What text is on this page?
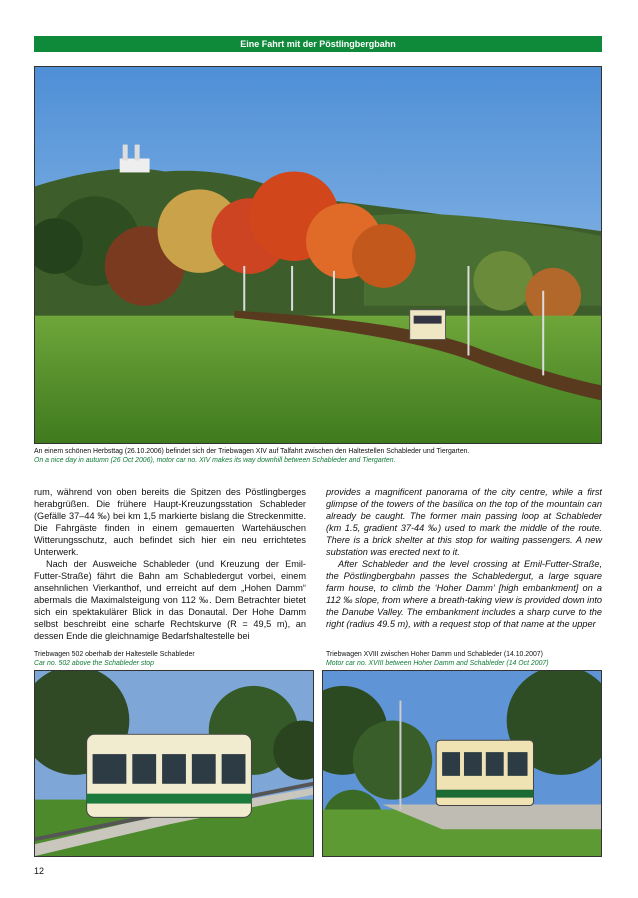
Eine Fahrt mit der Pöstlingbergbahn
An einem schönen Herbsttag (26.10.2006) befindet sich der Triebwagen XIV auf Talfahrt zwischen den Haltestellen Schableder und Tiergarten.
On a nice day in autumn (26 Oct 2006), motor car no. XIV makes its way downhill between Schableder and Tiergarten.

rum, während von oben bereits die Spitzen des Pöstlingberges herabgrüßen. Die frühere Haupt-Kreuzungsstation Schableder (Gefälle 37–44 ‰) bei km 1,5 markierte bislang die Streckenmitte. Die Fahrgäste finden in einem gemauerten Wartehäuschen Witterungsschutz, auch befindet sich hier ein neu errichtetes Unterwerk.

Nach der Ausweiche Schableder (und Kreuzung der Emil-Futter-Straße) fährt die Bahn am Schabledergut vorbei, einem ansehnlichen Vierkanthof, und erreicht auf dem „Hohen Damm“ abermals die Maximalsteigung von 112 ‰. Dem Betrachter bietet sich ein spektakulärer Blick in das Donautal. Der Hohe Damm selbst beschreibt eine scharfe Rechtskurve (R = 49,5 m), an dessen Ende die gleichnamige Bedarfshaltestelle bei

provides a magnificent panorama of the city centre, while a first glimpse of the towers of the basilica on the top of the mountain can already be caught. The former main passing loop at Schableder (km 1.5, gradient 37-44 ‰) used to mark the middle of the route. There is a brick shelter at this stop for waiting passengers. A new substation was erected next to it.

After Schableder and the level crossing at Emil-Futter-Straße, the Pöstlingbergbahn passes the Schabledergut, a large square farm house, to climb the ‘Hoher Damm’ [high embankment] on a 112 ‰ slope, from where a breath-taking view is provided down into the Danube Valley. The embankment includes a sharp curve to the right (radius 49.5 m), with a request stop of that name at the upper

Triebwagen 502 oberhalb der Haltestelle Schableder
Car no. 502 above the Schableder stop
Triebwagen XVIII zwischen Hoher Damm und Schableder (14.10.2007)
Motor car no. XVIII between Hoher Damm and Schableder (14 Oct 2007)
12
